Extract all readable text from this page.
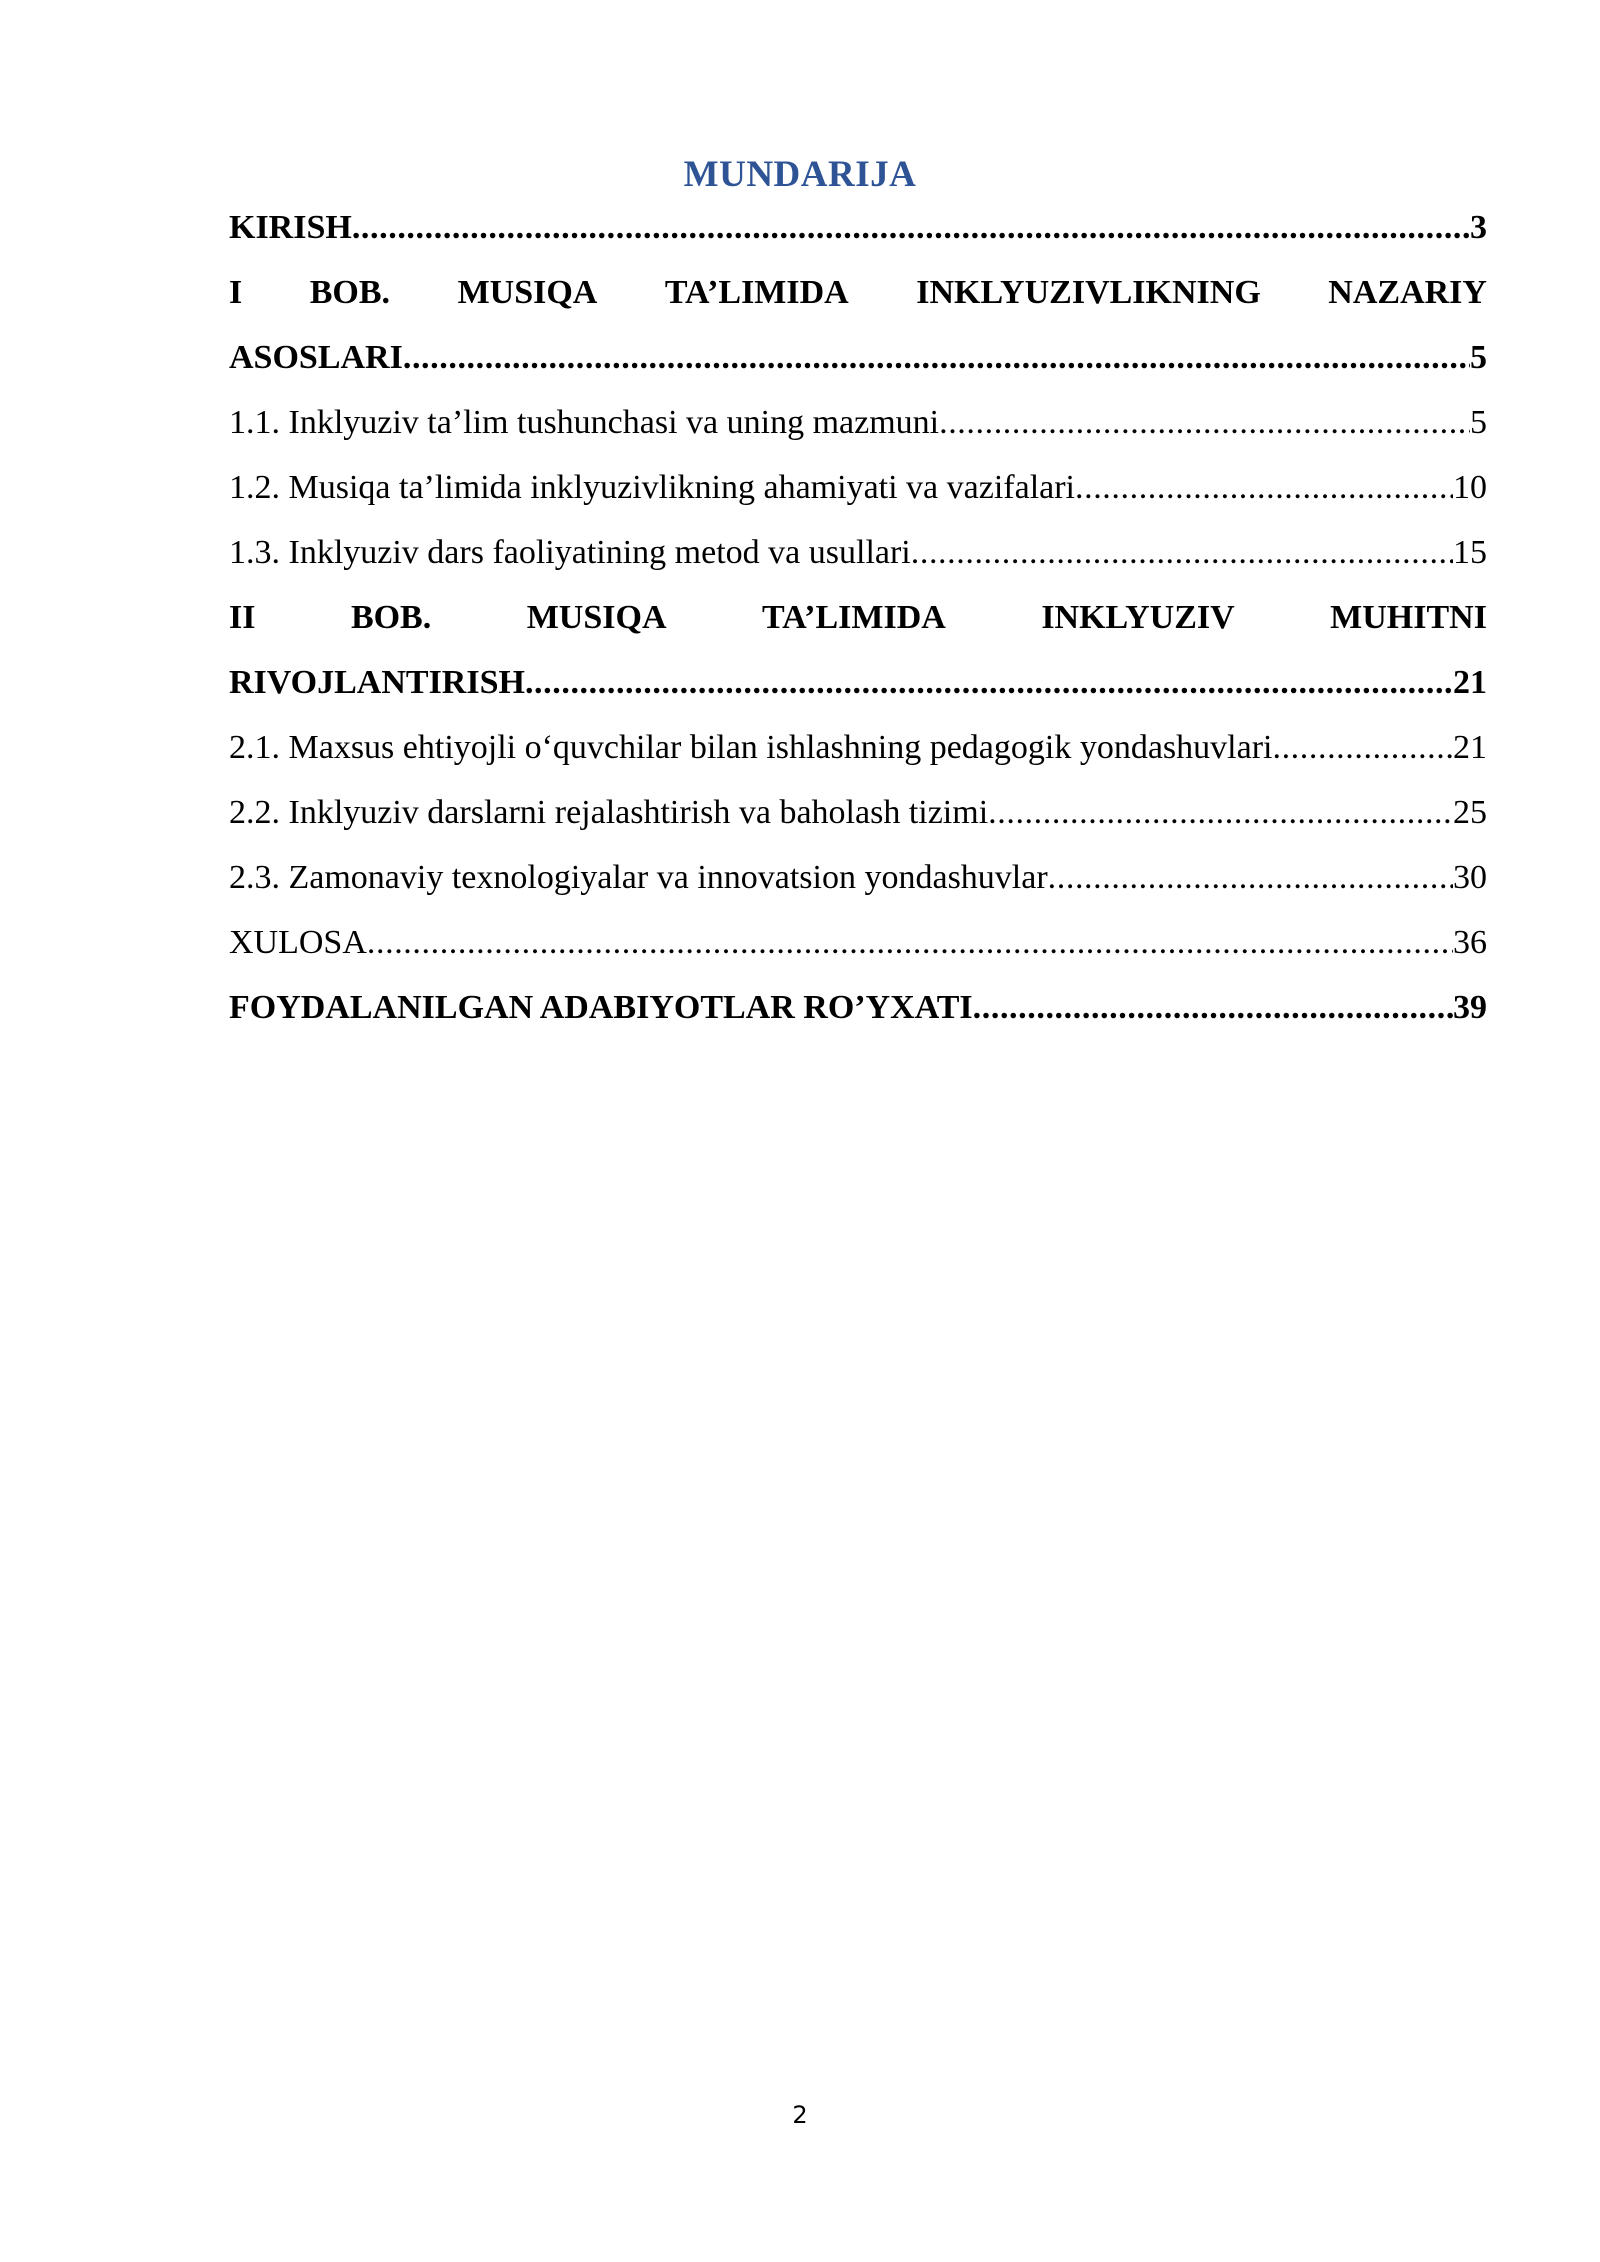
MUNDARIJA
KIRISH .....	3
I BOB. MUSIQA TA’LIMIDA INKLYUZIVLIKNING NAZARIY
ASOSLARI .....	5
1.1. Inklyuziv ta’lim tushunchasi va uning mazmuni .....	5
1.2. Musiqa ta’limida inklyuzivlikning ahamiyati va vazifalari .....	10
1.3. Inklyuziv dars faoliyatining metod va usullari .....	15
II	BOB.	MUSIQA	TA’LIMIDA	INKLYUZIV	MUHITNI
RIVOJLANTIRISH .....	21
2.1. Maxsus ehtiyojli o‘quvchilar bilan ishlashning pedagogik yondashuvlari .....	21
2.2. Inklyuziv darslarni rejalashtirish va baholash tizimi .....	25
2.3. Zamonaviy texnologiyalar va innovatsion yondashuvlar .....	30
XULOSA .....	36
FOYDALANILGAN ADABIYOTLAR RO’YXATI .....	39
2
